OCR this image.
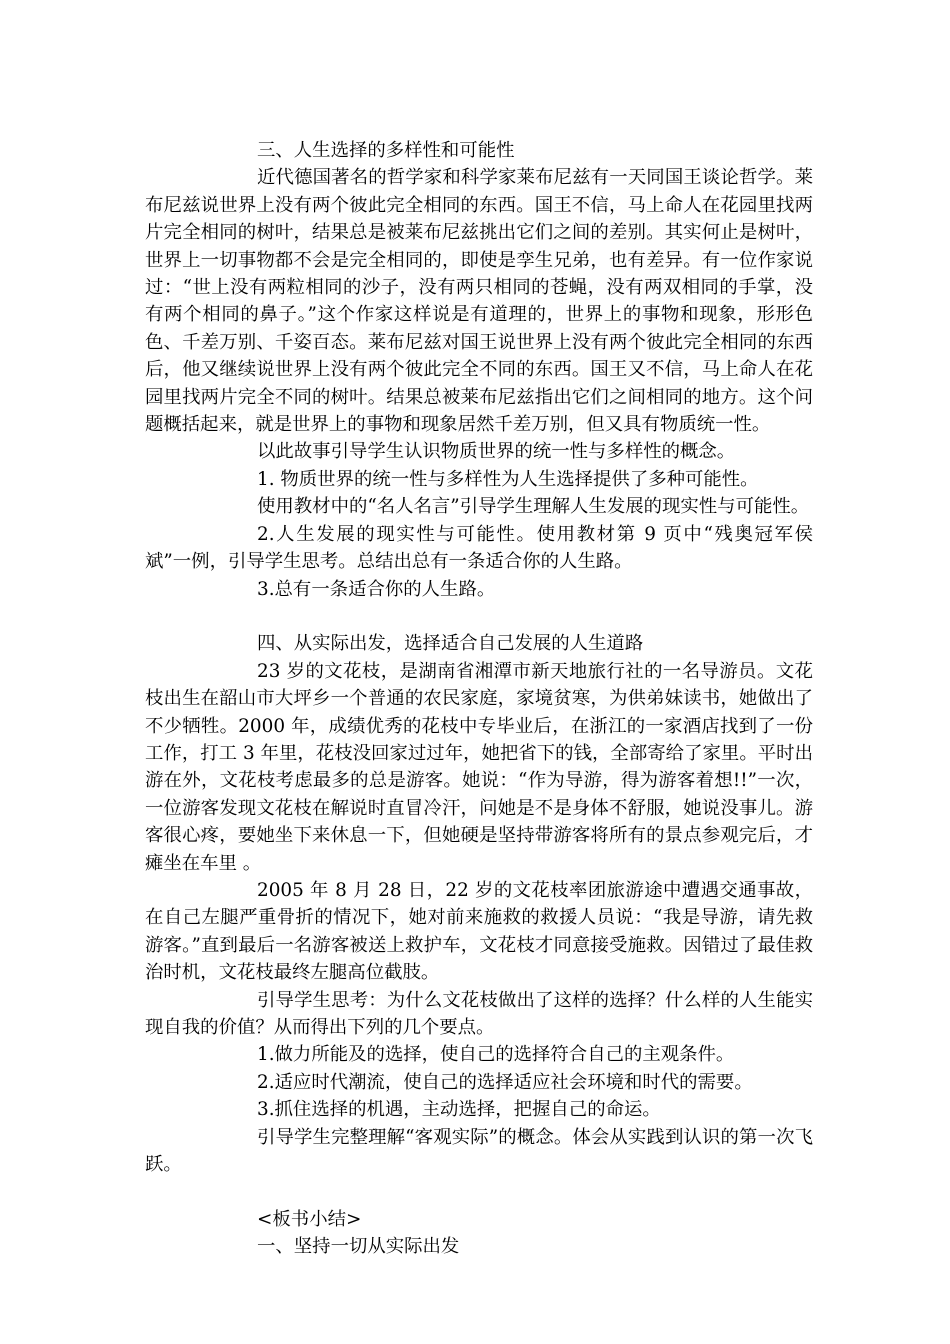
三、人生选择的多样性和可能性

近代德国著名的哲学家和科学家莱布尼兹有一天同国王谈论哲学。莱布尼兹说世界上没有两个彼此完全相同的东西。国王不信，马上命人在花园里找两片完全相同的树叶，结果总是被莱布尼兹挑出它们之间的差别。其实何止是树叶，世界上一切事物都不会是完全相同的，即使是孪生兄弟，也有差异。有一位作家说过：“世上没有两粒相同的沙子，没有两只相同的苍蝇，没有两双相同的手掌，没有两个相同的鼻子。”这个作家这样说是有道理的，世界上的事物和现象，形形色色、千差万别、千姿百态。莱布尼兹对国王说世界上没有两个彼此完全相同的东西后，他又继续说世界上没有两个彼此完全不同的东西。国王又不信，马上命人在花园里找两片完全不同的树叶。结果总被莱布尼兹指出它们之间相同的地方。这个问题概括起来，就是世界上的事物和现象居然千差万别，但又具有物质统一性。

以此故事引导学生认识物质世界的统一性与多样性的概念。

1. 物质世界的统一性与多样性为人生选择提供了多种可能性。

使用教材中的“名人名言”引导学生理解人生发展的现实性与可能性。

2.人生发展的现实性与可能性。使用教材第 9 页中“残奥冠军侯斌”一例，引导学生思考。总结出总有一条适合你的人生路。

3.总有一条适合你的人生路。

四、从实际出发，选择适合自己发展的人生道路

23 岁的文花枝，是湖南省湘潭市新天地旅行社的一名导游员。文花枝出生在韶山市大坪乡一个普通的农民家庭，家境贫寒，为供弟妹读书，她做出了不少牺牲。2000 年，成绩优秀的花枝中专毕业后，在浙江的一家酒店找到了一份工作，打工 3 年里，花枝没回家过过年，她把省下的钱，全部寄给了家里。平时出游在外，文花枝考虑最多的总是游客。她说：“作为导游，得为游客着想!!”一次，一位游客发现文花枝在解说时直冒冷汗，问她是不是身体不舒服，她说没事儿。游客很心疼，要她坐下来休息一下，但她硬是坚持带游客将所有的景点参观完后，才瘫坐在车里 。

2005 年 8 月 28 日，22 岁的文花枝率团旅游途中遭遇交通事故，在自己左腿严重骨折的情况下，她对前来施救的救援人员说：“我是导游，请先救游客。”直到最后一名游客被送上救护车，文花枝才同意接受施救。因错过了最佳救治时机，文花枝最终左腿高位截肢。

引导学生思考：为什么文花枝做出了这样的选择？什么样的人生能实现自我的价值？从而得出下列的几个要点。

1.做力所能及的选择，使自己的选择符合自己的主观条件。

2.适应时代潮流，使自己的选择适应社会环境和时代的需要。

3.抓住选择的机遇，主动选择，把握自己的命运。

引导学生完整理解“客观实际”的概念。体会从实践到认识的第一次飞跃。

<板书小结>

一、坚持一切从实际出发
